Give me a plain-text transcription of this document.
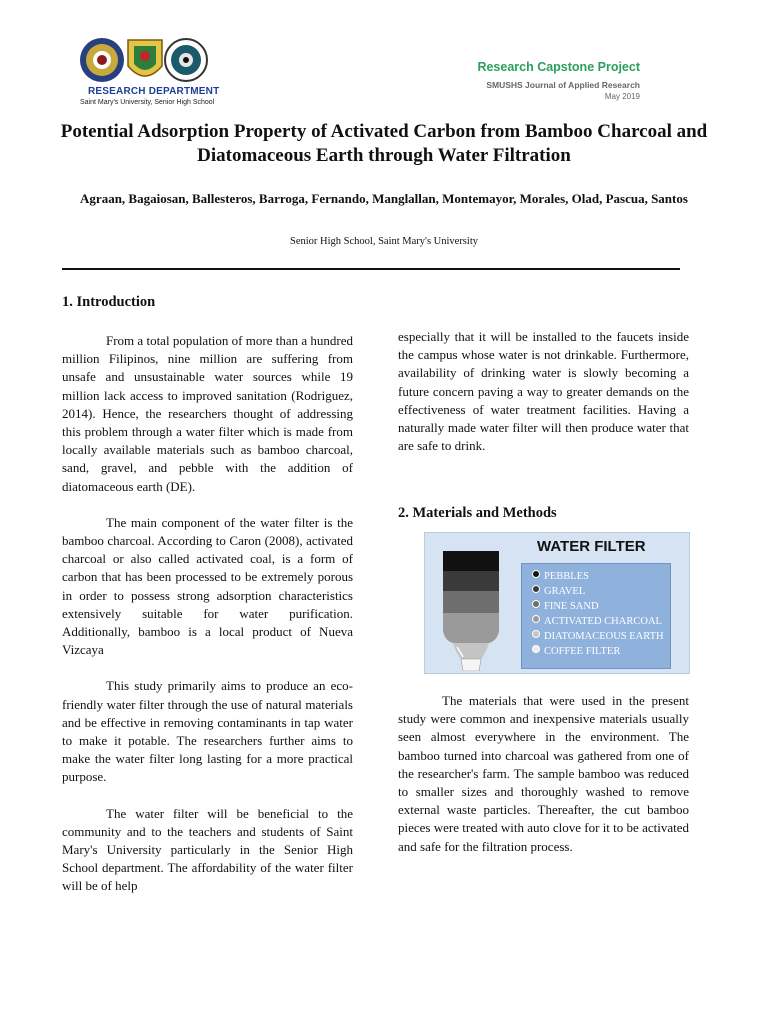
RESEARCH DEPARTMENT
Saint Mary's University, Senior High School
Research Capstone Project
SMUSHS Journal of Applied Research
May 2019
Potential Adsorption Property of Activated Carbon from Bamboo Charcoal and Diatomaceous Earth through Water Filtration
Agraan, Bagaiosan, Ballesteros, Barroga, Fernando, Manglallan, Montemayor, Morales, Olad, Pascua, Santos
Senior High School, Saint Mary's University
1. Introduction

From a total population of more than a hundred million Filipinos, nine million are suffering from unsafe and unsustainable water sources while 19 million lack access to improved sanitation (Rodriguez, 2014). Hence, the researchers thought of addressing this problem through a water filter which is made from locally available materials such as bamboo charcoal, sand, gravel, and pebble with the addition of diatomaceous earth (DE).

The main component of the water filter is the bamboo charcoal. According to Caron (2008), activated charcoal or also called activated coal, is a form of carbon that has been processed to be extremely porous in order to possess strong adsorption characteristics extensively suitable for water purification. Additionally, bamboo is a local product of Nueva Vizcaya

This study primarily aims to produce an eco-friendly water filter through the use of natural materials and be effective in removing contaminants in tap water to make it potable. The researchers further aims to make the water filter long lasting for a more practical purpose.

The water filter will be beneficial to the community and to the teachers and students of Saint Mary's University particularly in the Senior High School department. The affordability of the water filter will be of help

especially that it will be installed to the faucets inside the campus whose water is not drinkable. Furthermore, availability of drinking water is slowly becoming a future concern paving a way to greater demands on the effectiveness of water treatment facilities. Having a naturally made water filter will then produce water that are safe to drink.

2. Materials and Methods
WATER FILTER
PEBBLES
GRAVEL
FINE SAND
ACTIVATED CHARCOAL
DIATOMACEOUS EARTH
COFFEE FILTER

The materials that were used in the present study were common and inexpensive materials usually seen almost everywhere in the environment. The bamboo turned into charcoal was gathered from one of the researcher's farm. The sample bamboo was reduced to smaller sizes and thoroughly washed to remove external waste particles. Thereafter, the cut bamboo pieces were treated with auto clove for it to be activated and safe for the filtration process.
